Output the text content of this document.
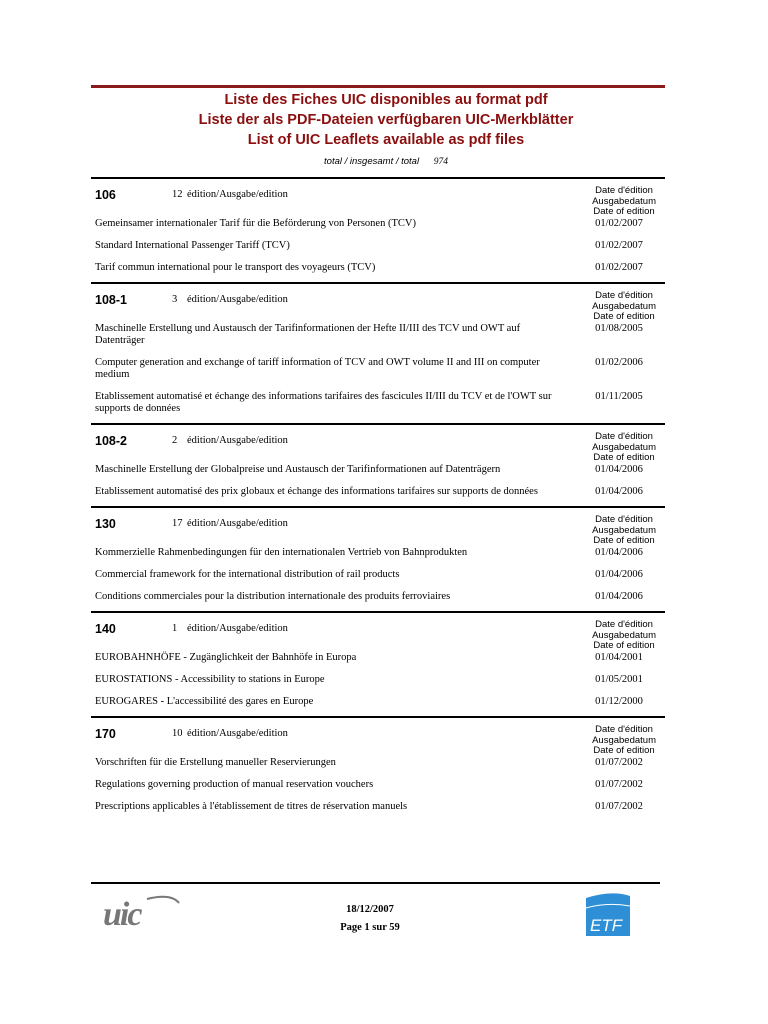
Liste des Fiches UIC disponibles au format pdf
Liste der als PDF-Dateien verfügbaren UIC-Merkblätter
List of UIC Leaflets available as pdf files
total / insgesamt / total 974
106	12 édition/Ausgabe/edition	Date d'édition
Ausgabedatum
Date of edition
Gemeinsamer internationaler Tarif für die Beförderung von Personen (TCV)	01/02/2007
Standard International Passenger Tariff (TCV)	01/02/2007
Tarif commun international pour le transport des voyageurs (TCV)	01/02/2007
108-1	3 édition/Ausgabe/edition	Date d'édition
Ausgabedatum
Date of edition
Maschinelle Erstellung und Austausch der Tarifinformationen der Hefte II/III des TCV und OWT auf Datenträger
01/08/2005
Computer generation and exchange of tariff information of TCV and OWT volume II and III on computer medium
01/02/2006
Etablissement automatisé et échange des informations tarifaires des fascicules II/III du TCV et de l'OWT sur supports de données
01/11/2005
108-2	2 édition/Ausgabe/edition	Date d'édition
Ausgabedatum
Date of edition
Maschinelle Erstellung der Globalpreise und Austausch der Tarifinformationen auf Datenträgern	01/04/2006
Etablissement automatisé des prix globaux et échange des informations tarifaires sur supports de données	01/04/2006
130	17 édition/Ausgabe/edition	Date d'édition
Ausgabedatum
Date of edition
Kommerzielle Rahmenbedingungen für den internationalen Vertrieb von Bahnprodukten	01/04/2006
Commercial framework for the international distribution of rail products	01/04/2006
Conditions commerciales pour la distribution internationale des produits ferroviaires	01/04/2006
140	1 édition/Ausgabe/edition	Date d'édition
Ausgabedatum
Date of edition
EUROBAHNHÖFE - Zugänglichkeit der Bahnhöfe in Europa	01/04/2001
EUROSTATIONS - Accessibility to stations in Europe	01/05/2001
EUROGARES - L'accessibilité des gares en Europe	01/12/2000
170	10 édition/Ausgabe/edition	Date d'édition
Ausgabedatum
Date of edition
Vorschriften für die Erstellung manueller Reservierungen	01/07/2002
Regulations governing production of manual reservation vouchers	01/07/2002
Prescriptions applicables à l'établissement de titres de réservation manuels	01/07/2002
uic	18/12/2007
Page 1 sur 59	ETF
